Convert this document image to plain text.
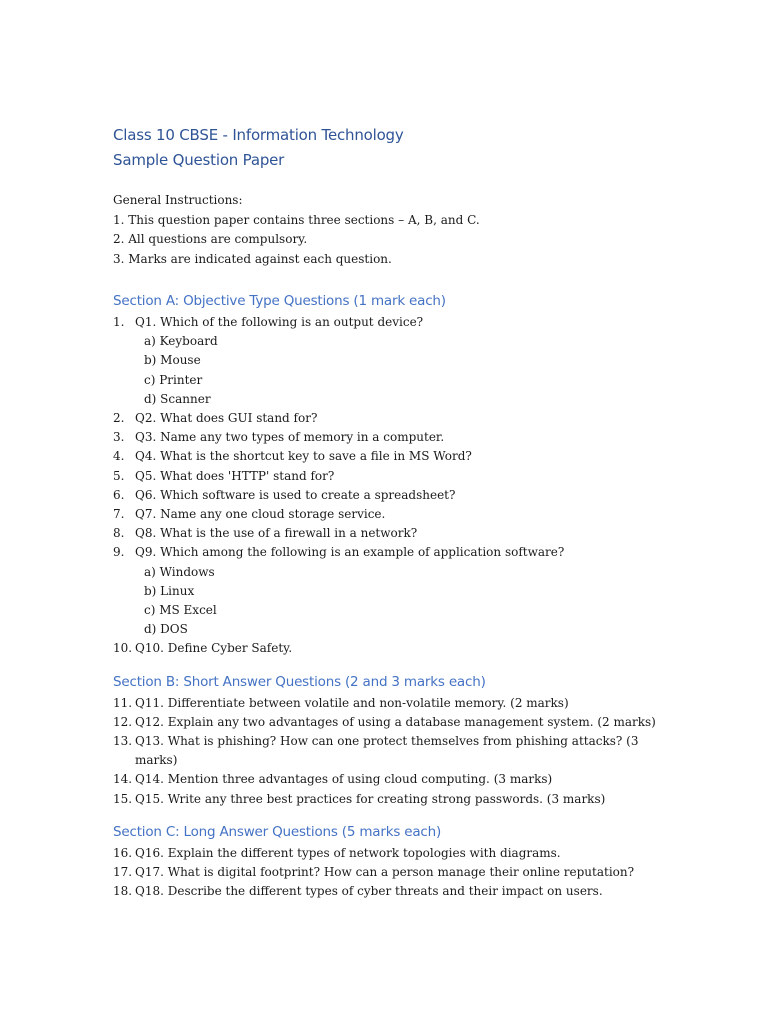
Class 10 CBSE - Information Technology
Sample Question Paper
General Instructions:
1. This question paper contains three sections – A, B, and C.
2. All questions are compulsory.
3. Marks are indicated against each question.
Section A: Objective Type Questions (1 mark each)
1. Q1. Which of the following is an output device?
a) Keyboard
b) Mouse
c) Printer
d) Scanner
2. Q2. What does GUI stand for?
3. Q3. Name any two types of memory in a computer.
4. Q4. What is the shortcut key to save a file in MS Word?
5. Q5. What does 'HTTP' stand for?
6. Q6. Which software is used to create a spreadsheet?
7. Q7. Name any one cloud storage service.
8. Q8. What is the use of a firewall in a network?
9. Q9. Which among the following is an example of application software?
a) Windows
b) Linux
c) MS Excel
d) DOS
10. Q10. Define Cyber Safety.
Section B: Short Answer Questions (2 and 3 marks each)
11. Q11. Differentiate between volatile and non-volatile memory. (2 marks)
12. Q12. Explain any two advantages of using a database management system. (2 marks)
13. Q13. What is phishing? How can one protect themselves from phishing attacks? (3 marks)
14. Q14. Mention three advantages of using cloud computing. (3 marks)
15. Q15. Write any three best practices for creating strong passwords. (3 marks)
Section C: Long Answer Questions (5 marks each)
16. Q16. Explain the different types of network topologies with diagrams.
17. Q17. What is digital footprint? How can a person manage their online reputation?
18. Q18. Describe the different types of cyber threats and their impact on users.
